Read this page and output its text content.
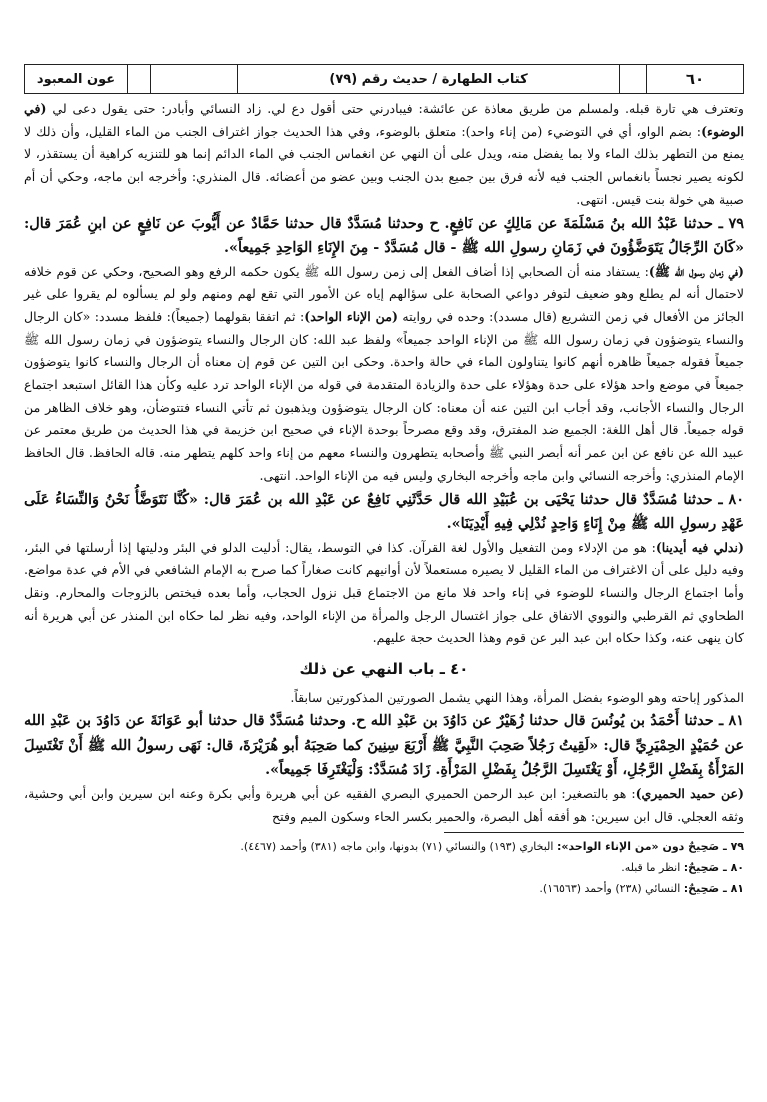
٦٠
كتاب الطهارة / حديث رقم (٧٩)
عون المعبود

وتعترف هي تارة قبله. ولمسلم من طريق معاذة عن عائشة: فيبادرني حتى أقول دع لي. زاد النسائي وأبادر: حتى يقول دعى لي (في الوضوء): بضم الواو، أي في التوضيء (من إناء واحد): متعلق بالوضوء، وفي هذا الحديث جواز اغتراف الجنب من الماء القليل، وأن ذلك لا يمنع من التطهر بذلك الماء ولا بما يفضل منه، ويدل على أن النهي عن انغماس الجنب في الماء الدائم إنما هو للتنزيه كراهية أن يستقذر، لا لكونه يصير نجساً بانغماس الجنب فيه لأنه فرق بين جميع بدن الجنب وبين عضو من أعضائه. قال المنذري: وأخرجه ابن ماجه، وحكي أن أم صبية هي خولة بنت قيس. انتهى.

٧٩ ـ حدثنا عَبْدُ الله بنُ مَسْلَمَةَ عن مَالِكٍ عن نَافِعٍ. ح وحدثنا مُسَدَّدٌ قال حدثنا حَمَّادٌ عن أَيُّوبَ عن نَافِعٍ عن ابنِ عُمَرَ قال: «كَانَ الرِّجَالُ يَتَوَضَّؤُونَ في زَمَانِ رسولِ الله ﷺ - قال مُسَدَّدٌ - مِنَ الإِنَاءِ الوَاحِدِ جَمِيعاً».

(في زمان رسول الله ﷺ): يستفاد منه أن الصحابي إذا أضاف الفعل إلى زمن رسول الله ﷺ يكون حكمه الرفع وهو الصحيح، وحكي عن قوم خلافه لاحتمال أنه لم يطلع وهو ضعيف لتوفر دواعي الصحابة على سؤالهم إياه عن الأمور التي تقع لهم ومنهم ولو لم يسألوه لم يقروا على غير الجائز من الأفعال في زمن التشريع (قال مسدد): وحده في روايته (من الإناء الواحد): ثم اتفقا بقولهما (جميعاً): فلفظ مسدد: «كان الرجال والنساء يتوضؤون في زمان رسول الله ﷺ من الإناء الواحد جميعاً» ولفظ عبد الله: كان الرجال والنساء يتوضؤون في زمان رسول الله ﷺ جميعاً فقوله جميعاً ظاهره أنهم كانوا يتناولون الماء في حالة واحدة. وحكى ابن التين عن قوم إن معناه أن الرجال والنساء كانوا يتوضؤون جميعاً في موضع واحد هؤلاء على حدة وهؤلاء على حدة والزيادة المتقدمة في قوله من الإناء الواحد ترد عليه وكأن هذا القائل استبعد اجتماع الرجال والنساء الأجانب، وقد أجاب ابن التين عنه أن معناه: كان الرجال يتوضؤون ويذهبون ثم تأتي النساء فتتوضأن، وهو خلاف الظاهر من قوله جميعاً. قال أهل اللغة: الجميع ضد المفترق، وقد وقع مصرحاً بوحدة الإناء في صحيح ابن خزيمة في هذا الحديث من طريق معتمر عن عبيد الله عن نافع عن ابن عمر أنه أبصر النبي ﷺ وأصحابه يتطهرون والنساء معهم من إناء واحد كلهم يتطهر منه. قاله الحافظ. قال الحافظ الإمام المنذري: وأخرجه النسائي وابن ماجه وأخرجه البخاري وليس فيه من الإناء الواحد. انتهى.

٨٠ ـ حدثنا مُسَدَّدٌ قال حدثنا يَحْيَى بن عُبَيْدِ الله قال حَدَّثَنِي نَافِعٌ عن عَبْدِ الله بن عُمَرَ قال: «كُنَّا نَتَوَضَّأُ نَحْنُ وَالنِّسَاءُ عَلَى عَهْدِ رسولِ الله ﷺ مِنْ إِنَاءٍ وَاحِدٍ نُدْلِي فِيهِ أَيْدِيَنَا».

(ندلي فيه أيدينا): هو من الإدلاء ومن التفعيل والأول لغة القرآن. كذا في التوسط، يقال: أدليت الدلو في البئر ودليتها إذا أرسلتها في البئر، وفيه دليل على أن الاغتراف من الماء القليل لا يصيره مستعملاً لأن أوانيهم كانت صغاراً كما صرح به الإمام الشافعي في الأم في عدة مواضع. وأما اجتماع الرجال والنساء للوضوء في إناء واحد فلا مانع من الاجتماع قبل نزول الحجاب، وأما بعده فيختص بالزوجات والمحارم. ونقل الطحاوي ثم القرطبي والنووي الاتفاق على جواز اغتسال الرجل والمرأة من الإناء الواحد، وفيه نظر لما حكاه ابن المنذر عن أبي هريرة أنه كان ينهى عنه، وكذا حكاه ابن عبد البر عن قوم وهذا الحديث حجة عليهم.

٤٠ ـ باب النهي عن ذلك

المذكور إباحته وهو الوضوء بفضل المرأة، وهذا النهي يشمل الصورتين المذكورتين سابقاً.

٨١ ـ حدثنا أَحْمَدُ بن يُونُسَ قال حدثنا زُهَيْرٌ عن دَاوُدَ بن عَبْدِ الله ح. وحدثنا مُسَدَّدٌ قال حدثنا أبو عَوَانَةَ عن دَاوُدَ بن عَبْدِ الله عن حُمَيْدٍ الحِمْيَرِيِّ قال: «لَقِيتُ رَجُلاً صَحِبَ النَّبِيَّ ﷺ أَرْبَعَ سِنِينَ كما صَحِبَهُ أبو هُرَيْرَةَ، قال: نَهَى رسولُ الله ﷺ أَنْ تَغْتَسِلَ المَرْأَةُ بِفَضْلِ الرَّجُلِ، أَوْ يَغْتَسِلَ الرَّجُلُ بِفَضْلِ المَرْأَةِ. زَادَ مُسَدَّدٌ: وَلْيَغْتَرِفَا جَمِيعاً».

(عن حميد الحميري): هو بالتصغير: ابن عبد الرحمن الحميري البصري الفقيه عن أبي هريرة وأبي بكرة وعنه ابن سيرين وابن أبي وحشية، وثقه العجلي. قال ابن سيرين: هو أفقه أهل البصرة، والحمير بكسر الحاء وسكون الميم وفتح

٧٩ ـ صَحِيحٌ دون «من الإناء الواحد»: البخاري (١٩٣) والنسائي (٧١) بدونها، وابن ماجه (٣٨١) وأحمد (٤٤٦٧).
٨٠ ـ صَحِيحٌ: انظر ما قبله.
٨١ ـ صَحِيحٌ: النسائي (٢٣٨) وأحمد (١٦٥٦٣).
